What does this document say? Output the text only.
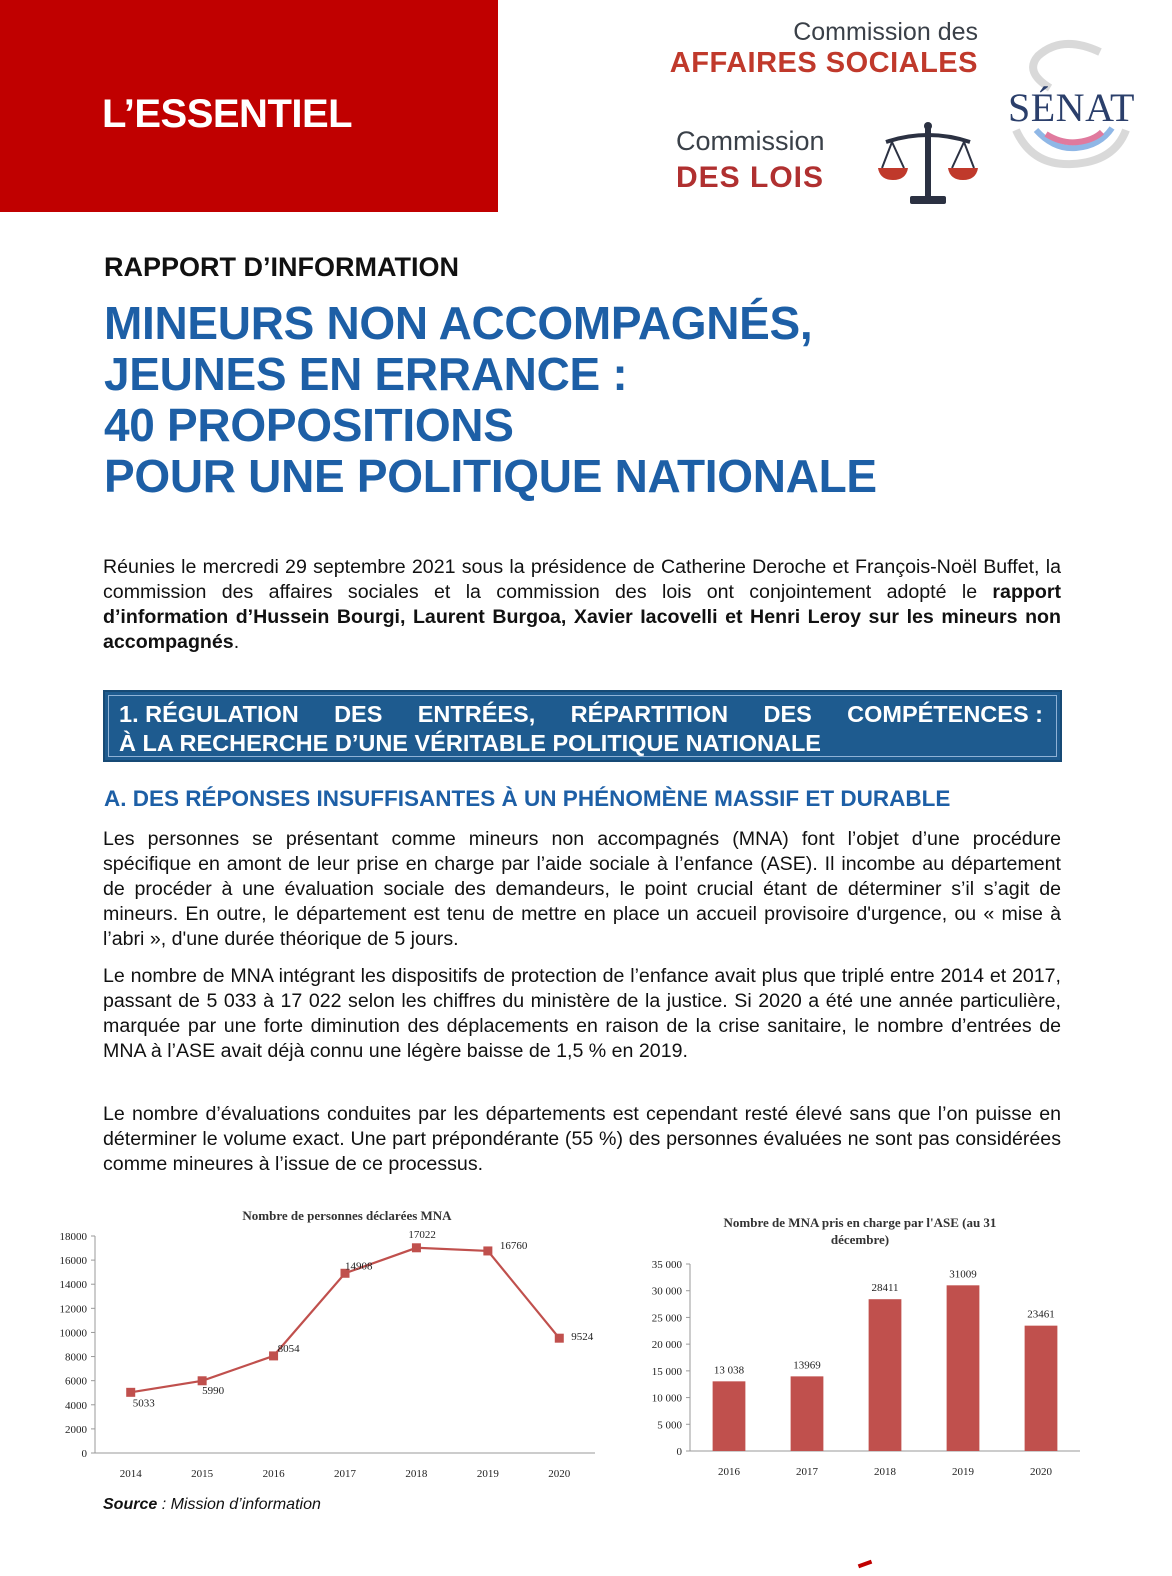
L’ESSENTIEL
Commission des
AFFAIRES SOCIALES
Commission
DES LOIS
SÉNAT
RAPPORT D’INFORMATION
MINEURS NON ACCOMPAGNÉS,
JEUNES EN ERRANCE :
40 PROPOSITIONS
POUR UNE POLITIQUE NATIONALE

Réunies le mercredi 29 septembre 2021 sous la présidence de Catherine Deroche et François-Noël Buffet, la commission des affaires sociales et la commission des lois ont conjointement adopté le rapport d’information d’Hussein Bourgi, Laurent Burgoa, Xavier Iacovelli et Henri Leroy sur les mineurs non accompagnés.

1. RÉGULATION DES ENTRÉES, RÉPARTITION DES COMPÉTENCES :
À LA RECHERCHE D’UNE VÉRITABLE POLITIQUE NATIONALE
A. DES RÉPONSES INSUFFISANTES À UN PHÉNOMÈNE MASSIF ET DURABLE

Les personnes se présentant comme mineurs non accompagnés (MNA) font l’objet d’une procédure spécifique en amont de leur prise en charge par l’aide sociale à l’enfance (ASE). Il incombe au département de procéder à une évaluation sociale des demandeurs, le point crucial étant de déterminer s’il s’agit de mineurs. En outre, le département est tenu de mettre en place un accueil provisoire d'urgence, ou « mise à l’abri », d'une durée théorique de 5 jours.

Le nombre de MNA intégrant les dispositifs de protection de l’enfance avait plus que triplé entre 2014 et 2017, passant de 5 033 à 17 022 selon les chiffres du ministère de la justice. Si 2020 a été une année particulière, marquée par une forte diminution des déplacements en raison de la crise sanitaire, le nombre d’entrées de MNA à l’ASE avait déjà connu une légère baisse de 1,5 % en 2019.

Le nombre d’évaluations conduites par les départements est cependant resté élevé sans que l’on puisse en déterminer le volume exact. Une part prépondérante (55 %) des personnes évaluées ne sont pas considérées comme mineures à l’issue de ce processus.

Nombre de personnes déclarées MNA
0
2000
4000
6000
8000
10000
12000
14000
16000
18000
2014	2015	2016	2017	2018	2019	2020
5033
5990
8054
14908
17022
16760
9524
Nombre de MNA pris en charge par l'ASE (au 31
décembre)
0
5 000
10 000
15 000
20 000
25 000
30 000
35 000
13 038
2016
13969
2017
28411
2018
31009
2019
23461
2020
Source : Mission d’information
